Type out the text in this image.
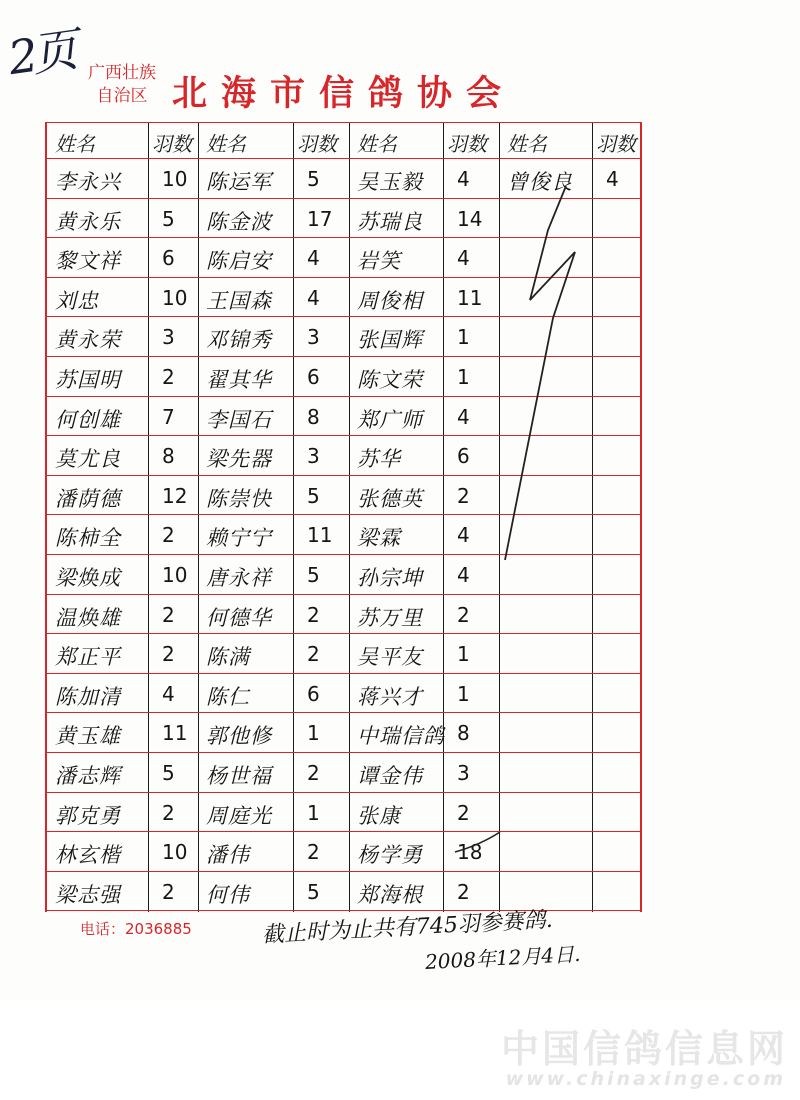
2页 广西壮族
自治区 北海市信鸽协会
姓名	羽数 姓名	羽数 姓名	羽数 姓名 羽数
李永兴 10 陈运军 5 吴玉毅 4 曾俊良 4
黄永乐 5 陈金波 17 苏瑞良 14
黎文祥 6 陈启安 4 岩笑	4
刘忠	10 王国森 4 周俊相 11
黄永荣 3 邓锦秀 3 张国辉 1
苏国明 2 翟其华 6 陈文荣 1
何创雄 7 李国石 8 郑广师 4
莫尤良 8 梁先器 3 苏华	6
潘荫德 12 陈崇快 5 张德英 2
陈柿全 2 赖宁宁 11 梁霖	4
梁焕成 10 唐永祥 5 孙宗坤 4
温焕雄 2 何德华 2 苏万里 2
郑正平 2 陈满	2 吴平友 1
陈加清 4 陈仁	6 蒋兴才 1
黄玉雄 11 郭他修 1 中瑞信鸽 8
潘志辉 5 杨世福 2 谭金伟 3
郭克勇 2 周庭光 1 张康	2
林玄楷 10 潘伟	2 杨学勇 18
梁志强 2 何伟	5 郑海根 2
电话：2036885	截止时为止共有745羽参赛鸽.
2008年12月4日.
中国信鸽信息网
www.chinaxinge.com
